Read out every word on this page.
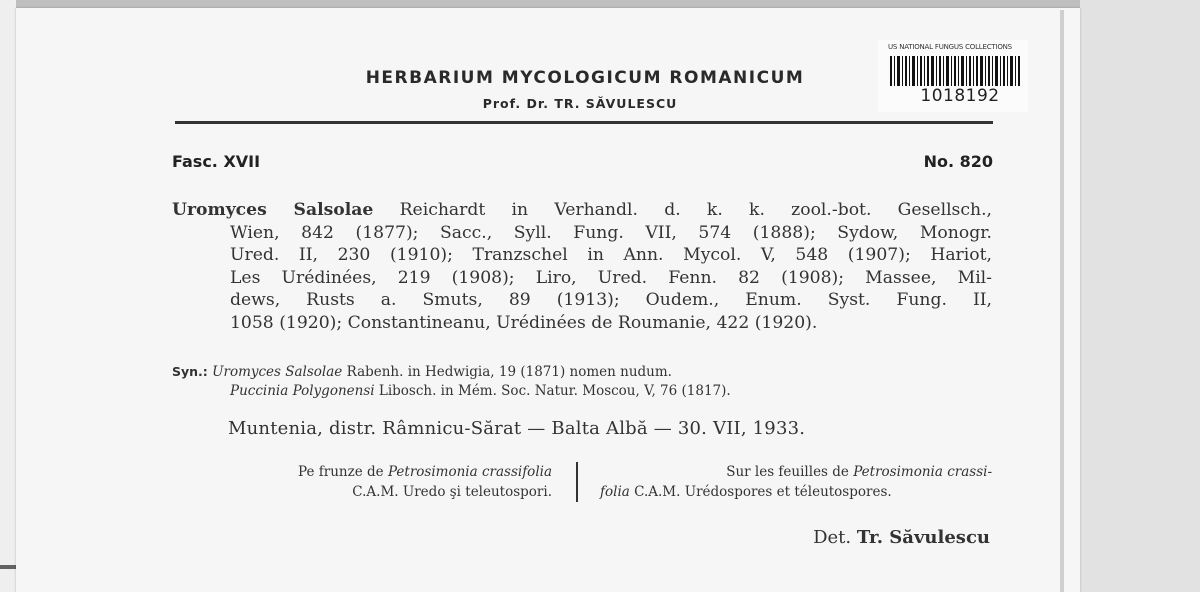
HERBARIUM MYCOLOGICUM ROMANICUM
Prof. Dr. TR. SĂVULESCU
US NATIONAL FUNGUS COLLECTIONS
1018192
Fasc. XVII	No. 820
Uromyces Salsolae Reichardt in Verhandl. d. k. k. zool.-bot. Gesellsch.,
Wien, 842 (1877); Sacc., Syll. Fung. VII, 574 (1888); Sydow, Monogr.
Ured. II, 230 (1910); Tranzschel in Ann. Mycol. V, 548 (1907); Hariot,
Les Urédinées, 219 (1908); Liro, Ured. Fenn. 82 (1908); Massee, Mil-
dews, Rusts a. Smuts, 89 (1913); Oudem., Enum. Syst. Fung. II,
1058 (1920); Constantineanu, Urédinées de Roumanie, 422 (1920).
Syn.: Uromyces Salsolae Rabenh. in Hedwigia, 19 (1871) nomen nudum.
Puccinia Polygonensi Libosch. in Mém. Soc. Natur. Moscou, V, 76 (1817).
Muntenia, distr. Râmnicu-Sărat — Balta Albă — 30. VII, 1933.
Pe frunze de Petrosimonia crassifolia
C.A.M. Uredo şi teleutospori.
Sur les feuilles de Petrosimonia crassi-
folia C.A.M. Urédospores et téleutospores.
Det. Tr. Săvulescu
